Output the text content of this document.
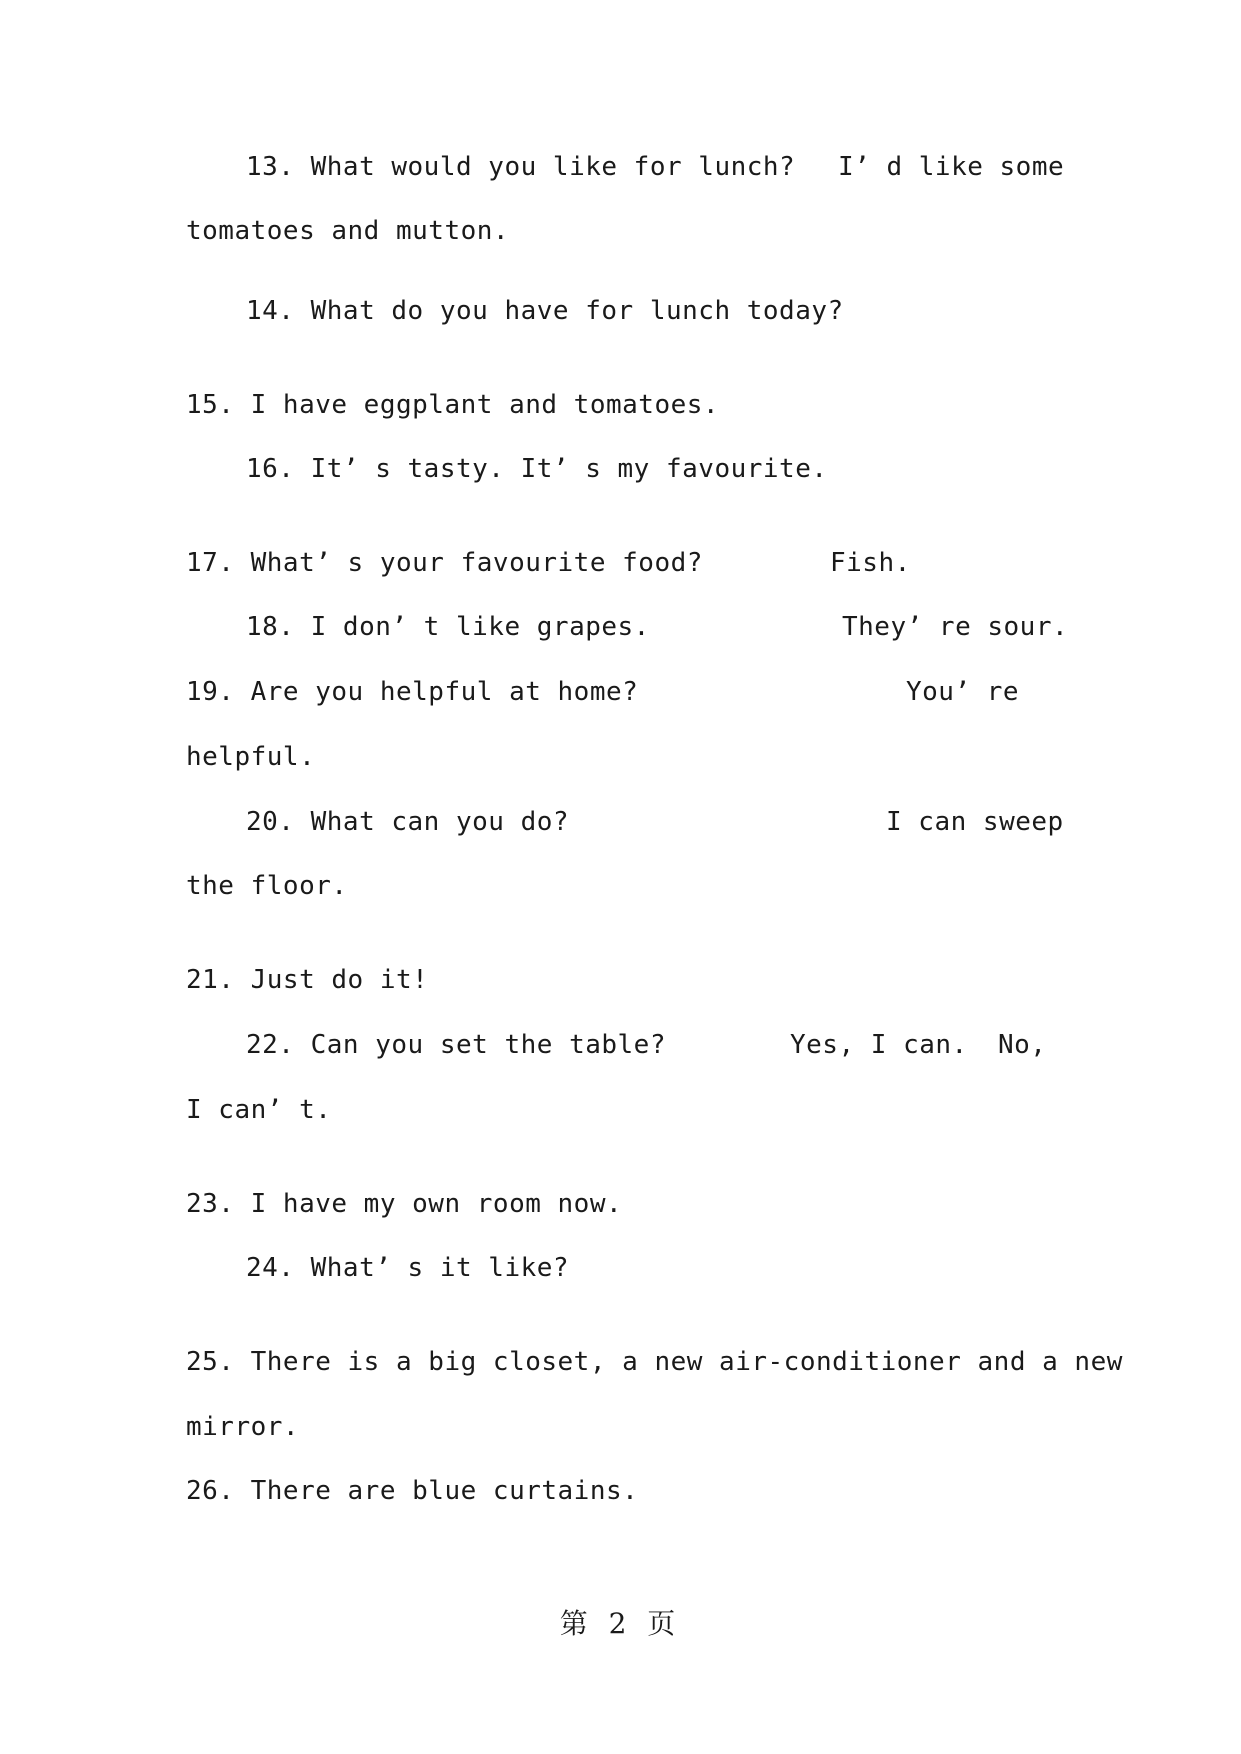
13. What would you like for lunch? I’ d like some
tomatoes and mutton.
14. What do you have for lunch today?
15. I have eggplant and tomatoes.
16. It’ s tasty. It’ s my favourite.
17. What’ s your favourite food?	Fish.
18. I don’ t like grapes.	They’ re sour.
19. Are you helpful at home?	You’ re
helpful.
20. What can you do?	I can sweep
the floor.
21. Just do it!
22. Can you set the table?	Yes, I can. No,
I can’ t.
23. I have my own room now.
24. What’ s it like?
25. There is a big closet, a new air-conditioner and a new
mirror.
26. There are blue curtains.
第 2 页
